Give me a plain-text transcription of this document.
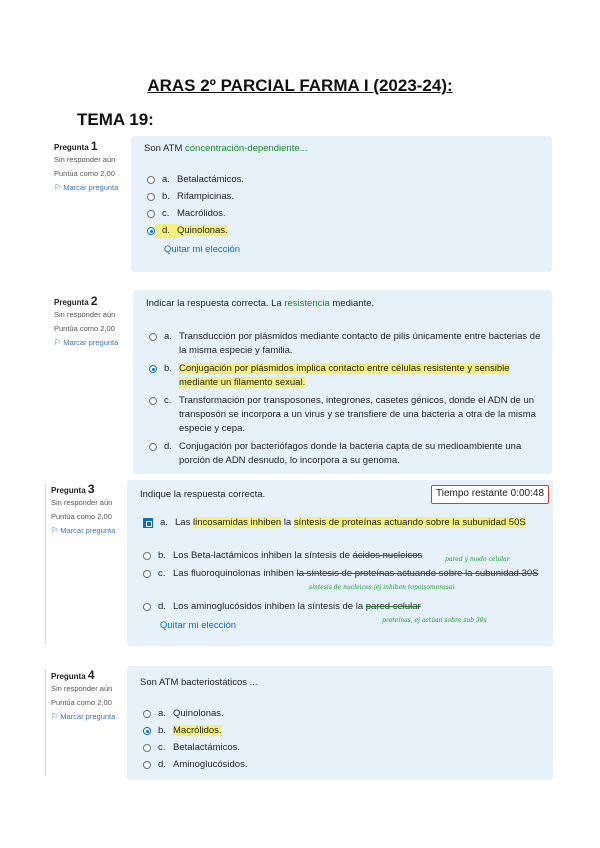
ARAS 2º PARCIAL FARMA I (2023-24):
TEMA 19:
Pregunta 1
Sin responder aún
Puntúa como 2,00
⚐ Marcar pregunta
Son ATM concentración-dependiente...
a. Betalactámicos.
b. Rifampicinas.
c. Macrólidos.
d. Quinolonas.
Quitar mi elección
Pregunta 2
Sin responder aún
Puntúa como 2,00
⚐ Marcar pregunta
Indicar la respuesta correcta. La resistencia mediante.
a. Transducción por plásmidos mediante contacto de pilis únicamente entre bacterias de la misma especie y familia.
b. Conjugación por plásmidos implica contacto entre células resistente y sensible mediante un filamento sexual.
c. Transformación por transposones, integrones, casetes génicos, donde el ADN de un transposón se incorpora a un virus y se transfiere de una bacteria a otra de la misma especie y cepa.
d. Conjugación por bacteriófagos donde la bacteria capta de su medioambiente una porción de ADN desnudo, lo incorpora a su genoma.
Pregunta 3
Sin responder aún
Puntúa como 2,00
⚐ Marcar pregunta
Indique la respuesta correcta.	Tiempo restante 0:00:48
a. Las lincosamidas inhiben la síntesis de proteínas actuando sobre la subunidad 50S
b. Los Beta-lactámicos inhiben la síntesis de ácidos nucleicos
c. Las fluoroquinolonas inhiben la síntesis de proteínas actuando sobre la subunidad 30S
d. Los aminoglucósidos inhiben la síntesis de la pared celular
Quitar mi elección
pared y modo celular
síntesis de nucleicos (ej inhiben topoisomerasa)
proteínas, ej actúan sobre sub 30s
Pregunta 4
Sin responder aún
Puntúa como 2,00
⚐ Marcar pregunta
Son ATM bacteriostáticos ...
a. Quinolonas.
b. Macrólidos.
c. Betalactámicos.
d. Aminoglucósidos.
